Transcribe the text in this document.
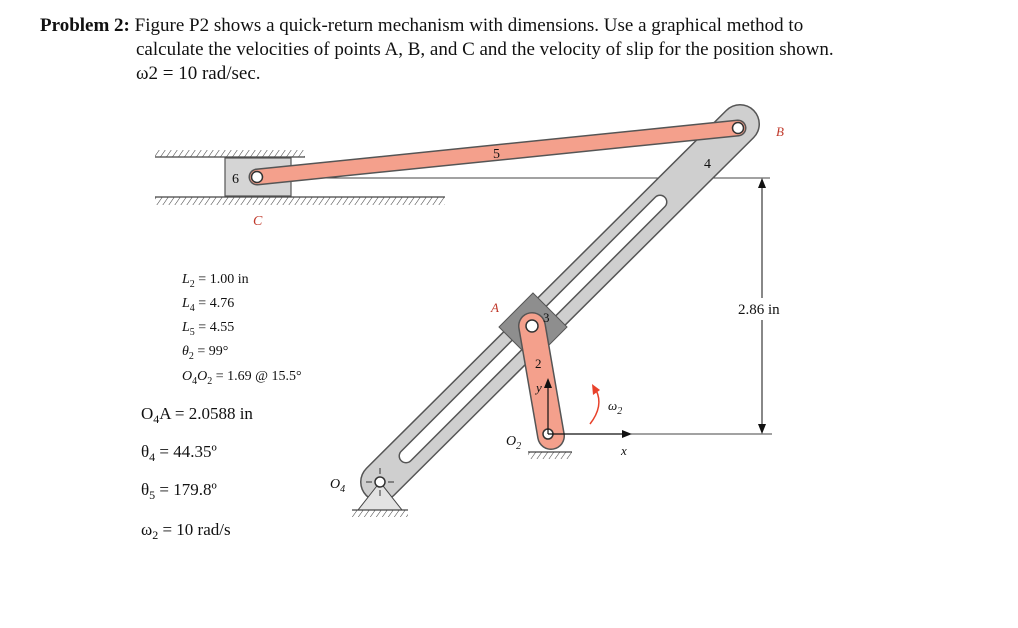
Problem 2: Figure P2 shows a quick-return mechanism with dimensions. Use a graphical method to
calculate the velocities of points A, B, and C and the velocity of slip for the position shown.
ω2 = 10 rad/sec.
2.86 in
5
4
6
3
2
B
C
A
$O_2$
$O_4$
x
y
$\omega_2$
$L_2 = 1.00$ in
$L_4 = 4.76$
$L_5 = 4.55$
$\theta_2 = 99^\circ$
$O_4O_2 = 1.69$ @ 15.5°
$O_4A = 2.0588$ in
$\theta_4$ = 44.35º
$\theta_5$ = 179.8º
$\omega_2 = 10$ rad/s
